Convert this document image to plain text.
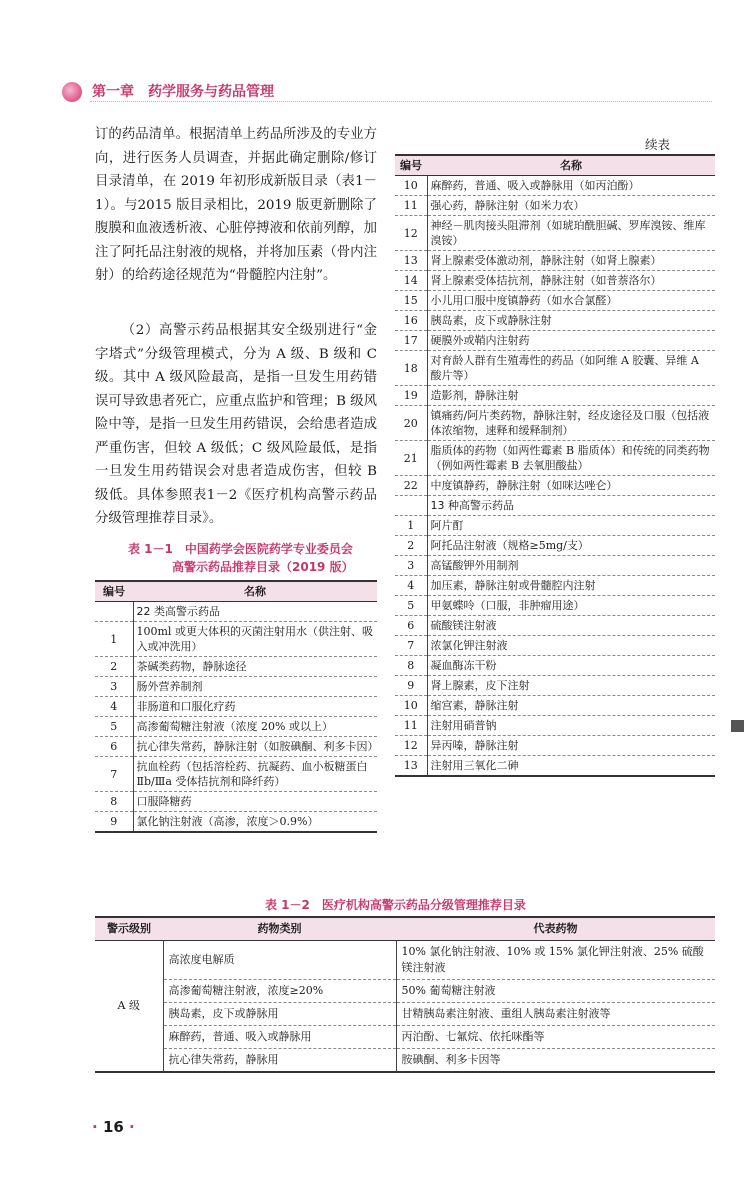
第一章　药学服务与药品管理
订的药品清单。根据清单上药品所涉及的专业方向，进行医务人员调查，并据此确定删除/修订目录清单，在 2019 年初形成新版目录（表1－1）。与2015 版目录相比，2019 版更新删除了腹膜和血液透析液、心脏停搏液和依前列醇，加注了阿托品注射液的规格，并将加压素（骨内注射）的给药途径规范为“骨髓腔内注射”。
（2）高警示药品根据其安全级别进行“金字塔式”分级管理模式，分为 A 级、B 级和 C 级。其中 A 级风险最高，是指一旦发生用药错误可导致患者死亡，应重点监护和管理；B 级风险中等，是指一旦发生用药错误，会给患者造成严重伤害，但较 A 级低；C 级风险最低，是指一旦发生用药错误会对患者造成伤害，但较 B 级低。具体参照表1－2《医疗机构高警示药品分级管理推荐目录》。
续表
编号	名称
10	麻醉药，普通、吸入或静脉用（如丙泊酚）
11	强心药，静脉注射（如米力农）
12	神经－肌肉接头阻滞剂（如琥珀酰胆碱、罗库溴铵、维库溴铵）
13	肾上腺素受体激动剂，静脉注射（如肾上腺素）
14	肾上腺素受体拮抗剂，静脉注射（如普萘洛尔）
15	小儿用口服中度镇静药（如水合氯醛）
16	胰岛素，皮下或静脉注射
17	硬膜外或鞘内注射药
18	对育龄人群有生殖毒性的药品（如阿维 A 胶囊、异维 A 酸片等）
19	造影剂，静脉注射
20	镇痛药/阿片类药物，静脉注射，经皮途径及口服（包括液体浓缩物，速释和缓释制剂）
21	脂质体的药物（如两性霉素 B 脂质体）和传统的同类药物（例如两性霉素 B 去氧胆酸盐）
22	中度镇静药，静脉注射（如咪达唑仑）
	13 种高警示药品
1	阿片酊
2	阿托品注射液（规格≥5mg/支）
3	高锰酸钾外用制剂
4	加压素，静脉注射或骨髓腔内注射
5	甲氨蝶呤（口服，非肿瘤用途）
6	硫酸镁注射液
7	浓氯化钾注射液
8	凝血酶冻干粉
9	肾上腺素，皮下注射
10	缩宫素，静脉注射
11	注射用硝普钠
12	异丙嗪，静脉注射
13	注射用三氧化二砷
表 1－1　中国药学会医院药学专业委员会
高警示药品推荐目录（2019 版）
编号	名称
	22 类高警示药品
1	100ml 或更大体积的灭菌注射用水（供注射、吸入或冲洗用）
2	茶碱类药物，静脉途径
3	肠外营养制剂
4	非肠道和口服化疗药
5	高渗葡萄糖注射液（浓度 20% 或以上）
6	抗心律失常药，静脉注射（如胺碘酮、利多卡因）
7	抗血栓药（包括溶栓药、抗凝药、血小板糖蛋白Ⅱb/Ⅲa 受体拮抗剂和降纤药）
8	口服降糖药
9	氯化钠注射液（高渗，浓度＞0.9%）
表 1－2　医疗机构高警示药品分级管理推荐目录
警示级别	药物类别	代表药物
A 级	高浓度电解质	10% 氯化钠注射液、10% 或 15% 氯化钾注射液、25% 硫酸镁注射液
	高渗葡萄糖注射液，浓度≥20%	50% 葡萄糖注射液
	胰岛素，皮下或静脉用	甘精胰岛素注射液、重组人胰岛素注射液等
	麻醉药，普通、吸入或静脉用	丙泊酚、七氟烷、依托咪酯等
	抗心律失常药，静脉用	胺碘酮、利多卡因等
· 16 ·
